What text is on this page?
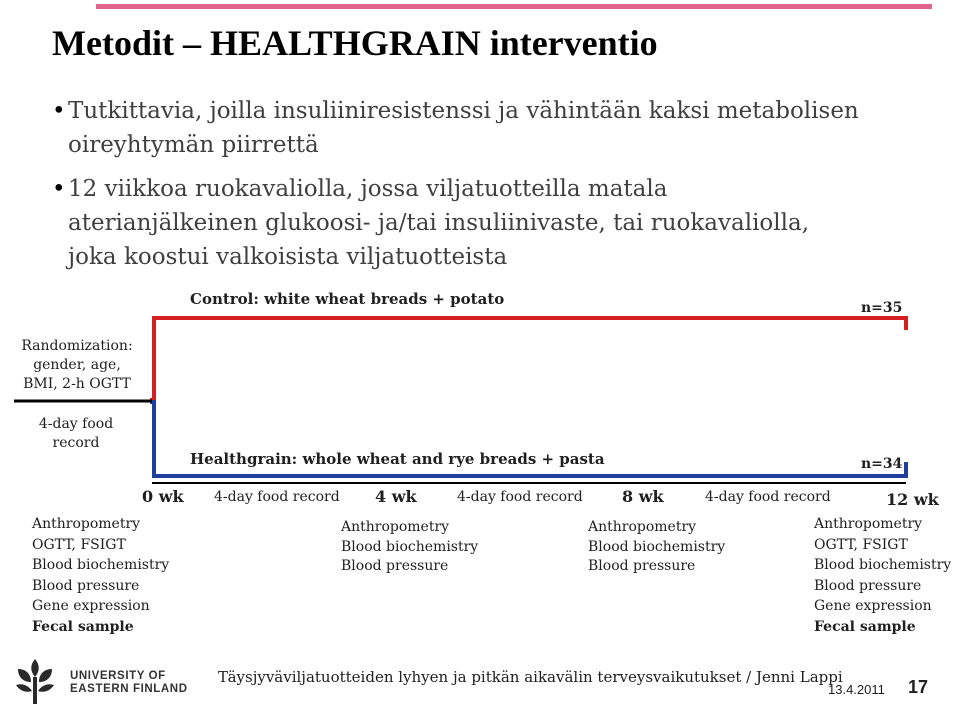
Metodit – HEALTHGRAIN interventio
• Tutkittavia, joilla insuliiniresistenssi ja vähintään kaksi metabolisen
oireyhtymän piirrettä
• 12 viikkoa ruokavaliolla, jossa viljatuotteilla matala
aterianjälkeinen glukoosi- ja/tai insuliinivaste, tai ruokavaliolla,
joka koostui valkoisista viljatuotteista
Control: white wheat breads + potato	n=35
Healthgrain: whole wheat and rye breads + pasta	n=34
Randomization:
gender, age,
BMI, 2-h OGTT
4-day food
record
0 wk 4-day food record 4 wk	4-day food record 8 wk	4-day food record	12 wk
Anthropometry
OGTT, FSIGT
Blood biochemistry
Blood pressure
Gene expression
Fecal sample
Anthropometry
Blood biochemistry
Blood pressure
Anthropometry
Blood biochemistry
Blood pressure
Anthropometry
OGTT, FSIGT
Blood biochemistry
Blood pressure
Gene expression
Fecal sample
UNIVERSITY OF
EASTERN FINLAND
Täysjyväviljatuotteiden lyhyen ja pitkän aikavälin terveysvaikutukset / Jenni Lappi
13.4.2011 17
